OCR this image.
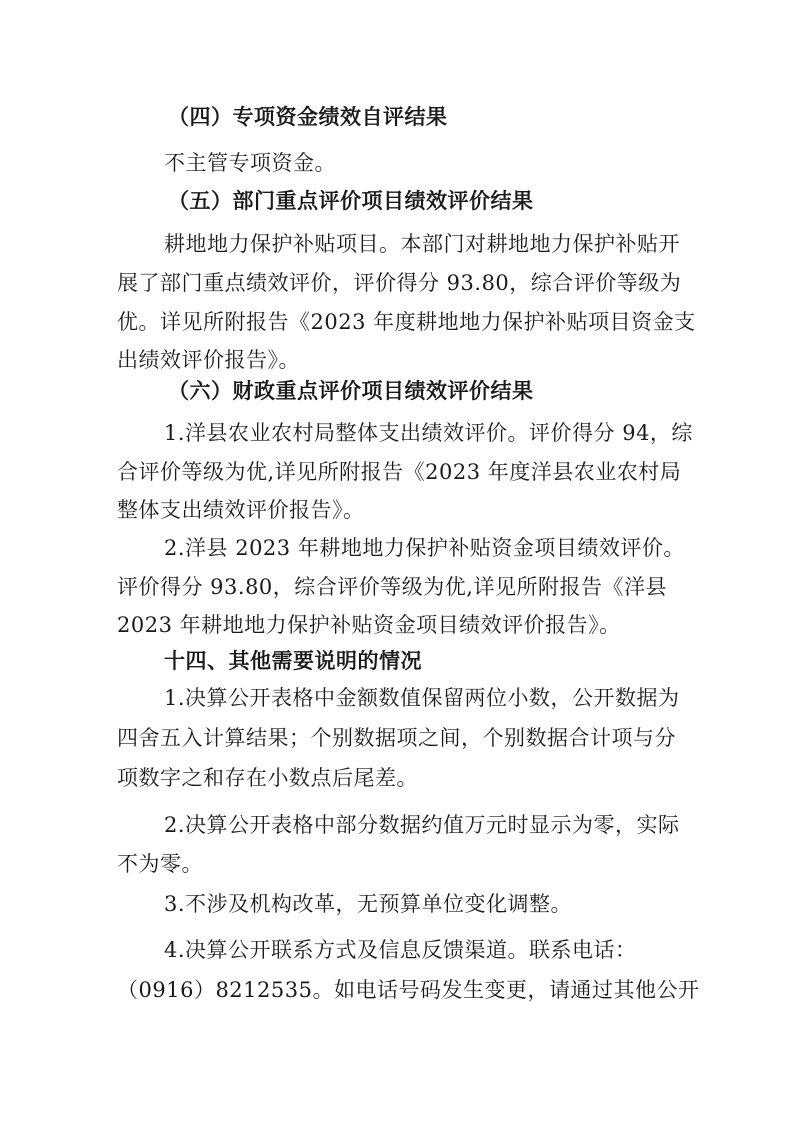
（四）专项资金绩效自评结果
不主管专项资金。
（五）部门重点评价项目绩效评价结果
耕地地力保护补贴项目。本部门对耕地地力保护补贴开
展了部门重点绩效评价，评价得分 93.80，综合评价等级为
优。详见所附报告《2023 年度耕地地力保护补贴项目资金支
出绩效评价报告》。
（六）财政重点评价项目绩效评价结果
1.洋县农业农村局整体支出绩效评价。评价得分 94，综
合评价等级为优,详见所附报告《2023 年度洋县农业农村局
整体支出绩效评价报告》。
2.洋县 2023 年耕地地力保护补贴资金项目绩效评价。
评价得分 93.80，综合评价等级为优,详见所附报告《洋县
2023 年耕地地力保护补贴资金项目绩效评价报告》。
十四、其他需要说明的情况
1.决算公开表格中金额数值保留两位小数，公开数据为
四舍五入计算结果；个别数据项之间，个别数据合计项与分
项数字之和存在小数点后尾差。
2.决算公开表格中部分数据约值万元时显示为零，实际
不为零。
3.不涉及机构改革，无预算单位变化调整。
4.决算公开联系方式及信息反馈渠道。联系电话：
（0916）8212535。如电话号码发生变更，请通过其他公开
